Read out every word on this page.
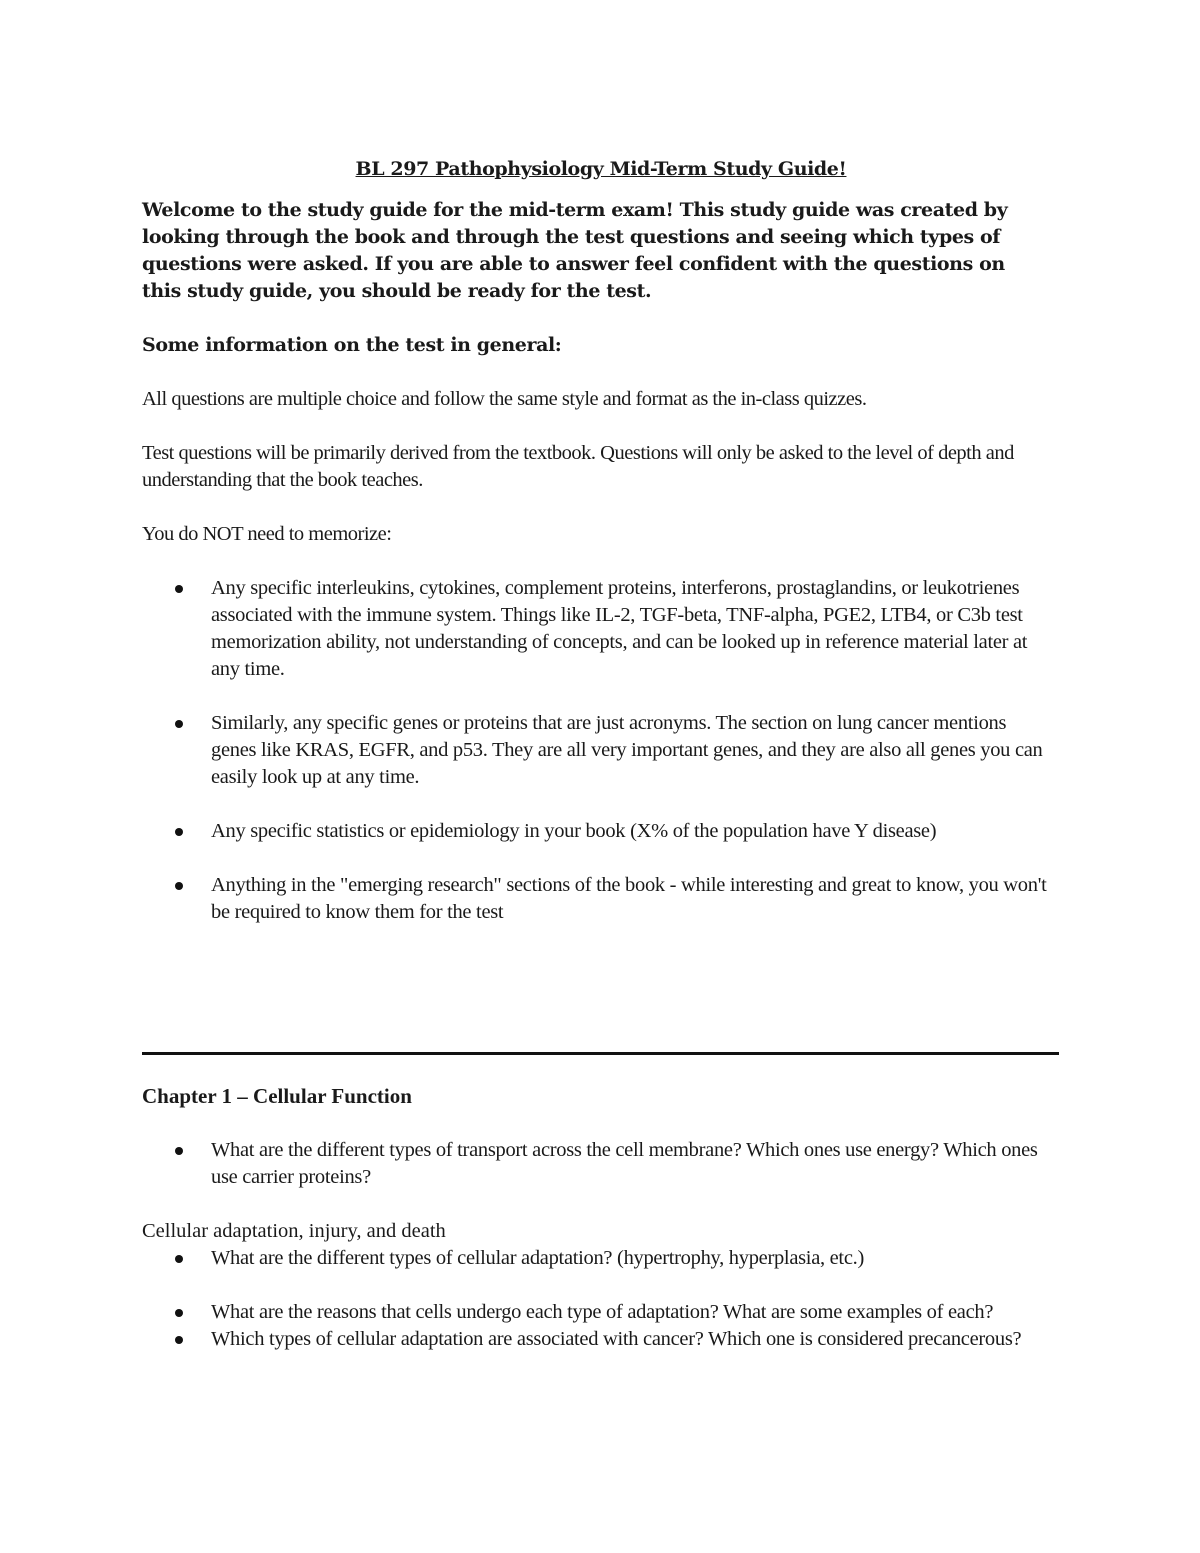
BL 297 Pathophysiology Mid-Term Study Guide!

Welcome to the study guide for the mid-term exam! This study guide was created by looking through the book and through the test questions and seeing which types of questions were asked. If you are able to answer feel confident with the questions on this study guide, you should be ready for the test.

Some information on the test in general:

All questions are multiple choice and follow the same style and format as the in-class quizzes.

Test questions will be primarily derived from the textbook. Questions will only be asked to the level of depth and understanding that the book teaches.

You do NOT need to memorize:

Any specific interleukins, cytokines, complement proteins, interferons, prostaglandins, or leukotrienes associated with the immune system. Things like IL-2, TGF-beta, TNF-alpha, PGE2, LTB4, or C3b test memorization ability, not understanding of concepts, and can be looked up in reference material later at any time.
Similarly, any specific genes or proteins that are just acronyms. The section on lung cancer mentions genes like KRAS, EGFR, and p53. They are all very important genes, and they are also all genes you can easily look up at any time.
Any specific statistics or epidemiology in your book (X% of the population have Y disease)
Anything in the "emerging research" sections of the book - while interesting and great to know, you won't be required to know them for the test
Chapter 1 – Cellular Function
What are the different types of transport across the cell membrane? Which ones use energy? Which ones use carrier proteins?

Cellular adaptation, injury, and death

What are the different types of cellular adaptation? (hypertrophy, hyperplasia, etc.)
What are the reasons that cells undergo each type of adaptation? What are some examples of each?
Which types of cellular adaptation are associated with cancer? Which one is considered precancerous?
